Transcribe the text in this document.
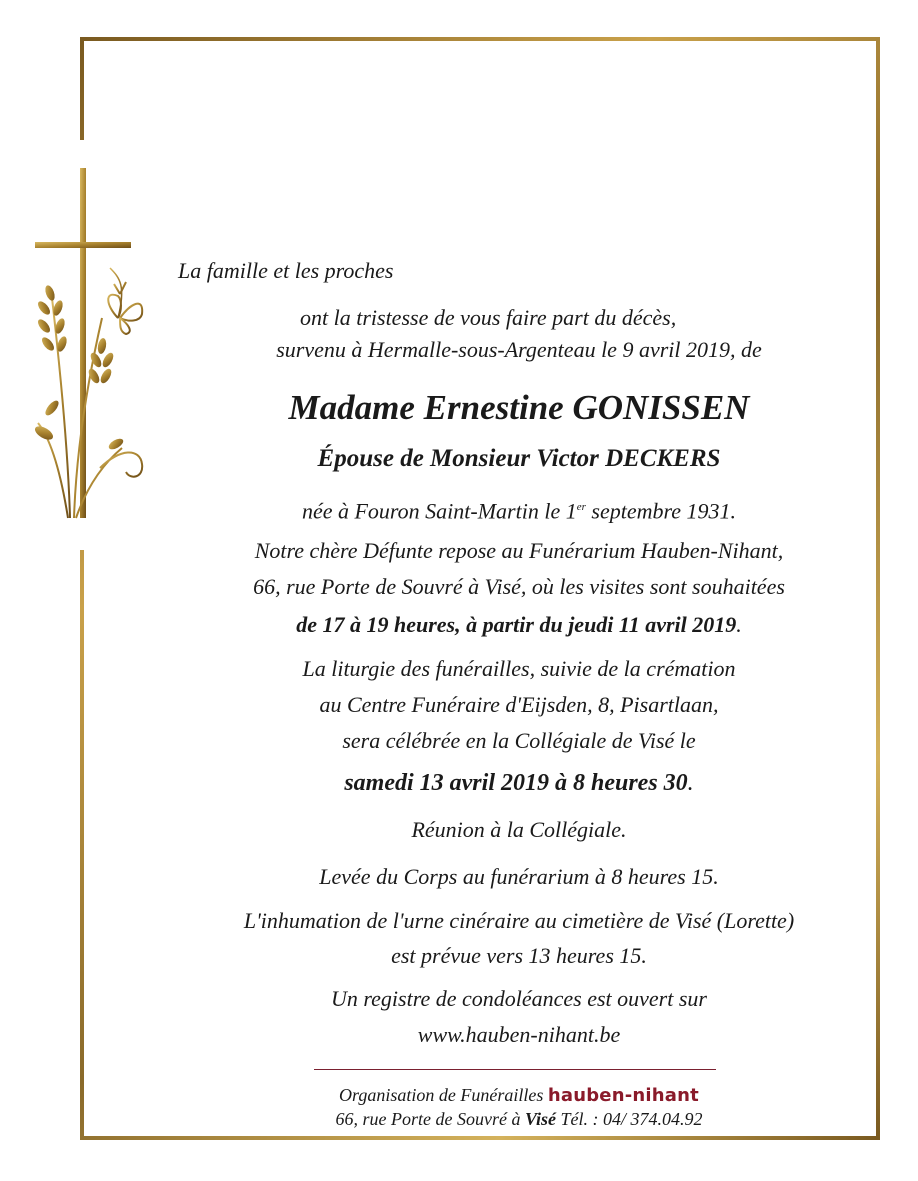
La famille et les proches
ont la tristesse de vous faire part du décès,
survenu à Hermalle-sous-Argenteau le 9 avril 2019, de
Madame Ernestine GONISSEN
Épouse de Monsieur Victor DECKERS
née à Fouron Saint-Martin le 1er septembre 1931.
Notre chère Défunte repose au Funérarium Hauben-Nihant,
66, rue Porte de Souvré à Visé, où les visites sont souhaitées
de 17 à 19 heures, à partir du jeudi 11 avril 2019.
La liturgie des funérailles, suivie de la crémation
au Centre Funéraire d'Eijsden, 8, Pisartlaan,
sera célébrée en la Collégiale de Visé le
samedi 13 avril 2019 à 8 heures 30.
Réunion à la Collégiale.
Levée du Corps au funérarium à 8 heures 15.
L'inhumation de l'urne cinéraire au cimetière de Visé (Lorette)
est prévue vers 13 heures 15.
Un registre de condoléances est ouvert sur
www.hauben-nihant.be
Organisation de Funérailles hauben-nihant
66, rue Porte de Souvré à Visé Tél. : 04/ 374.04.92
